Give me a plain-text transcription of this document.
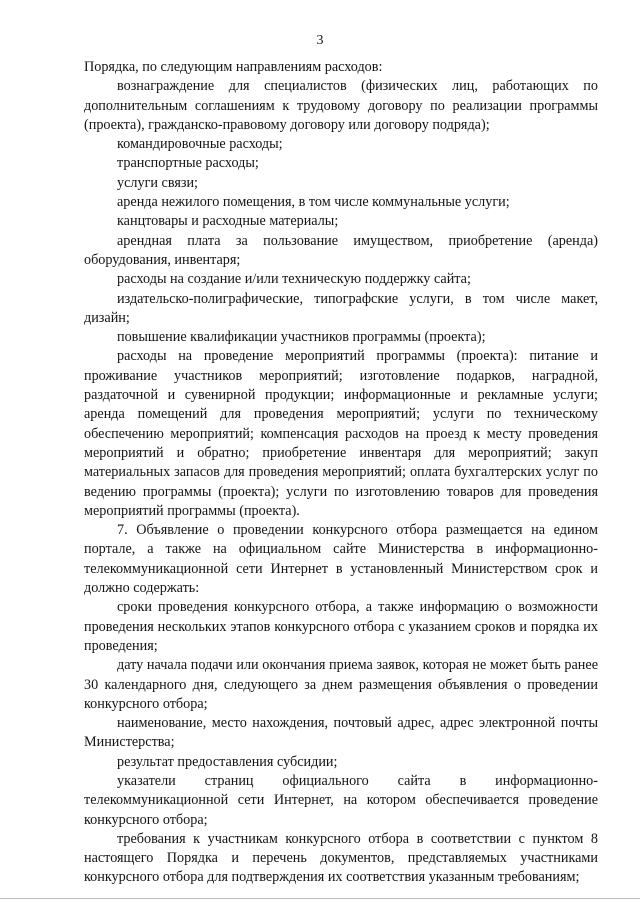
3

Порядка, по следующим направлениям расходов:

вознаграждение для специалистов (физических лиц, работающих по дополнительным соглашениям к трудовому договору по реализации программы (проекта), гражданско-правовому договору или договору подряда);

командировочные расходы;

транспортные расходы;

услуги связи;

аренда нежилого помещения, в том числе коммунальные услуги;

канцтовары и расходные материалы;

арендная плата за пользование имуществом, приобретение (аренда) оборудования, инвентаря;

расходы на создание и/или техническую поддержку сайта;

издательско-полиграфические, типографские услуги, в том числе макет, дизайн;

повышение квалификации участников программы (проекта);

расходы на проведение мероприятий программы (проекта): питание и проживание участников мероприятий; изготовление подарков, наградной, раздаточной и сувенирной продукции; информационные и рекламные услуги; аренда помещений для проведения мероприятий; услуги по техническому обеспечению мероприятий; компенсация расходов на проезд к месту проведения мероприятий и обратно; приобретение инвентаря для мероприятий; закуп материальных запасов для проведения мероприятий; оплата бухгалтерских услуг по ведению программы (проекта); услуги по изготовлению товаров для проведения мероприятий программы (проекта).

7. Объявление о проведении конкурсного отбора размещается на едином портале, а также на официальном сайте Министерства в информационно-телекоммуникационной сети Интернет в установленный Министерством срок и должно содержать:

сроки проведения конкурсного отбора, а также информацию о возможности проведения нескольких этапов конкурсного отбора с указанием сроков и порядка их проведения;

дату начала подачи или окончания приема заявок, которая не может быть ранее 30 календарного дня, следующего за днем размещения объявления о проведении конкурсного отбора;

наименование, место нахождения, почтовый адрес, адрес электронной почты Министерства;

результат предоставления субсидии;

указатели страниц официального сайта в информационно-телекоммуникационной сети Интернет, на котором обеспечивается проведение конкурсного отбора;

требования к участникам конкурсного отбора в соответствии с пунктом 8 настоящего Порядка и перечень документов, представляемых участниками конкурсного отбора для подтверждения их соответствия указанным требованиям;
